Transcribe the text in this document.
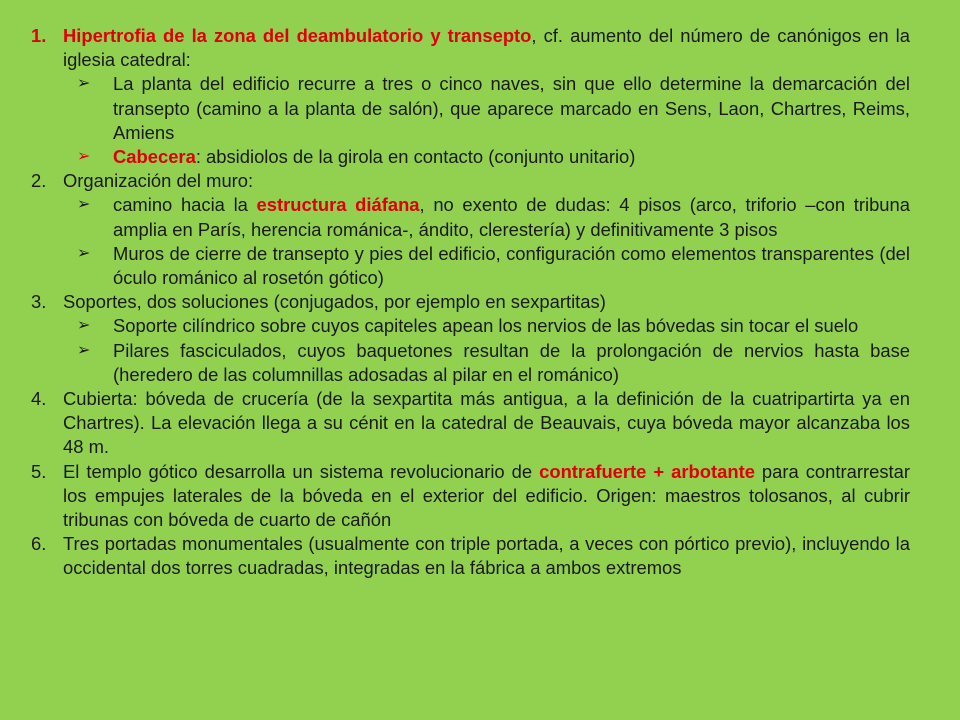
1. Hipertrofia de la zona del deambulatorio y transepto, cf. aumento del número de canónigos en la iglesia catedral:
➢ La planta del edificio recurre a tres o cinco naves, sin que ello determine la demarcación del transepto (camino a la planta de salón), que aparece marcado en Sens, Laon, Chartres, Reims, Amiens
➢ Cabecera: absidiolos de la girola en contacto (conjunto unitario)
2. Organización del muro:
➢ camino hacia la estructura diáfana, no exento de dudas: 4 pisos (arco, triforio –con tribuna amplia en París, herencia románica-, ándito, clerestería) y definitivamente 3 pisos
➢ Muros de cierre de transepto y pies del edificio, configuración como elementos transparentes (del óculo románico al rosetón gótico)
3. Soportes, dos soluciones (conjugados, por ejemplo en sexpartitas)
➢ Soporte cilíndrico sobre cuyos capiteles apean los nervios de las bóvedas sin tocar el suelo
➢ Pilares fasciculados, cuyos baquetones resultan de la prolongación de nervios hasta base (heredero de las columnillas adosadas al pilar en el románico)
4. Cubierta: bóveda de crucería (de la sexpartita más antigua, a la definición de la cuatripartirta ya en Chartres). La elevación llega a su cénit en la catedral de Beauvais, cuya bóveda mayor alcanzaba los 48 m.
5. El templo gótico desarrolla un sistema revolucionario de contrafuerte + arbotante para contrarrestar los empujes laterales de la bóveda en el exterior del edificio. Origen: maestros tolosanos, al cubrir tribunas con bóveda de cuarto de cañón
6. Tres portadas monumentales (usualmente con triple portada, a veces con pórtico previo), incluyendo la occidental dos torres cuadradas, integradas en la fábrica a ambos extremos
